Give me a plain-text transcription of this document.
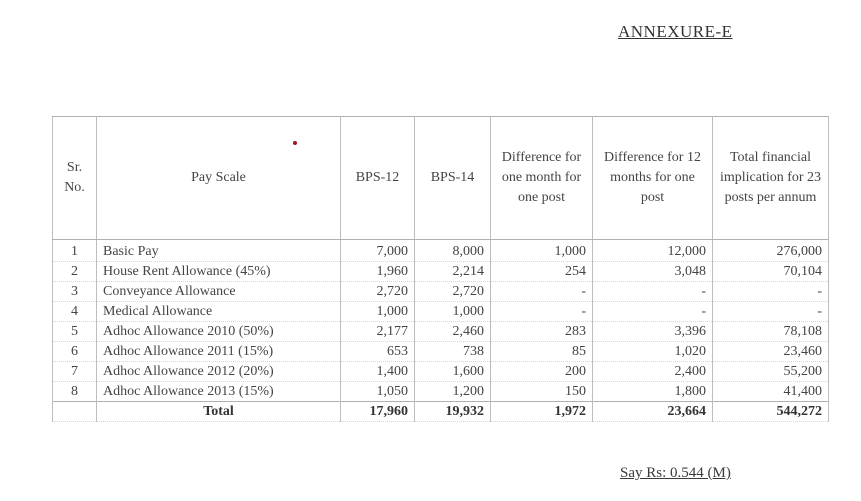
ANNEXURE-E
Sr. No.	Pay Scale	BPS-12	BPS-14	Difference for one month for one post	Difference for 12 months for one post	Total financial implication for 23 posts per annum
1	Basic Pay	7,000	8,000	1,000	12,000	276,000
2	House Rent Allowance (45%)	1,960	2,214	254	3,048	70,104
3	Conveyance Allowance	2,720	2,720	-	-	-
4	Medical Allowance	1,000	1,000	-	-	-
5	Adhoc Allowance 2010 (50%)	2,177	2,460	283	3,396	78,108
6	Adhoc Allowance 2011 (15%)	653	738	85	1,020	23,460
7	Adhoc Allowance 2012 (20%)	1,400	1,600	200	2,400	55,200
8	Adhoc Allowance 2013 (15%)	1,050	1,200	150	1,800	41,400
	Total	17,960	19,932	1,972	23,664	544,272
Say Rs: 0.544 (M)
